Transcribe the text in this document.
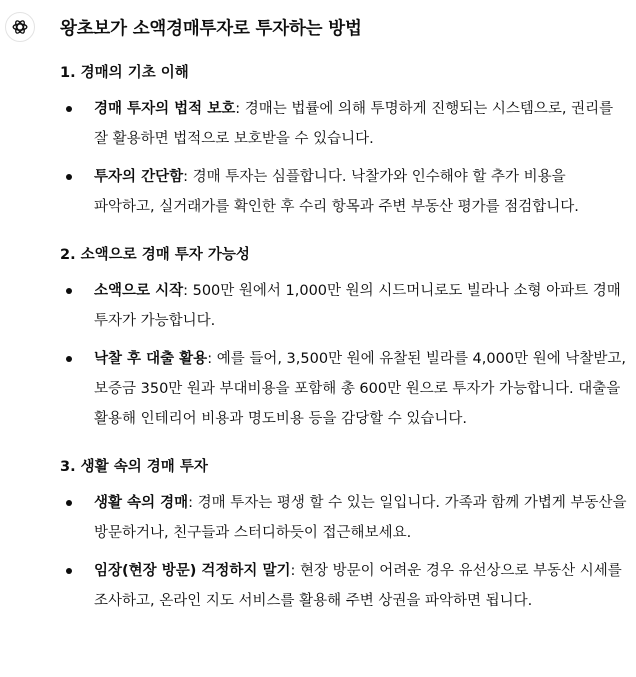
왕초보가 소액경매투자로 투자하는 방법
1. 경매의 기초 이해
경매 투자의 법적 보호: 경매는 법률에 의해 투명하게 진행되는 시스템으로, 권리를 잘 활용하면 법적으로 보호받을 수 있습니다.
투자의 간단함: 경매 투자는 심플합니다. 낙찰가와 인수해야 할 추가 비용을 파악하고, 실거래가를 확인한 후 수리 항목과 주변 부동산 평가를 점검합니다.
2. 소액으로 경매 투자 가능성
소액으로 시작: 500만 원에서 1,000만 원의 시드머니로도 빌라나 소형 아파트 경매 투자가 가능합니다.
낙찰 후 대출 활용: 예를 들어, 3,500만 원에 유찰된 빌라를 4,000만 원에 낙찰받고, 보증금 350만 원과 부대비용을 포함해 총 600만 원으로 투자가 가능합니다. 대출을 활용해 인테리어 비용과 명도비용 등을 감당할 수 있습니다.
3. 생활 속의 경매 투자
생활 속의 경매: 경매 투자는 평생 할 수 있는 일입니다. 가족과 함께 가볍게 부동산을 방문하거나, 친구들과 스터디하듯이 접근해보세요.
임장(현장 방문) 걱정하지 말기: 현장 방문이 어려운 경우 유선상으로 부동산 시세를 조사하고, 온라인 지도 서비스를 활용해 주변 상권을 파악하면 됩니다.
